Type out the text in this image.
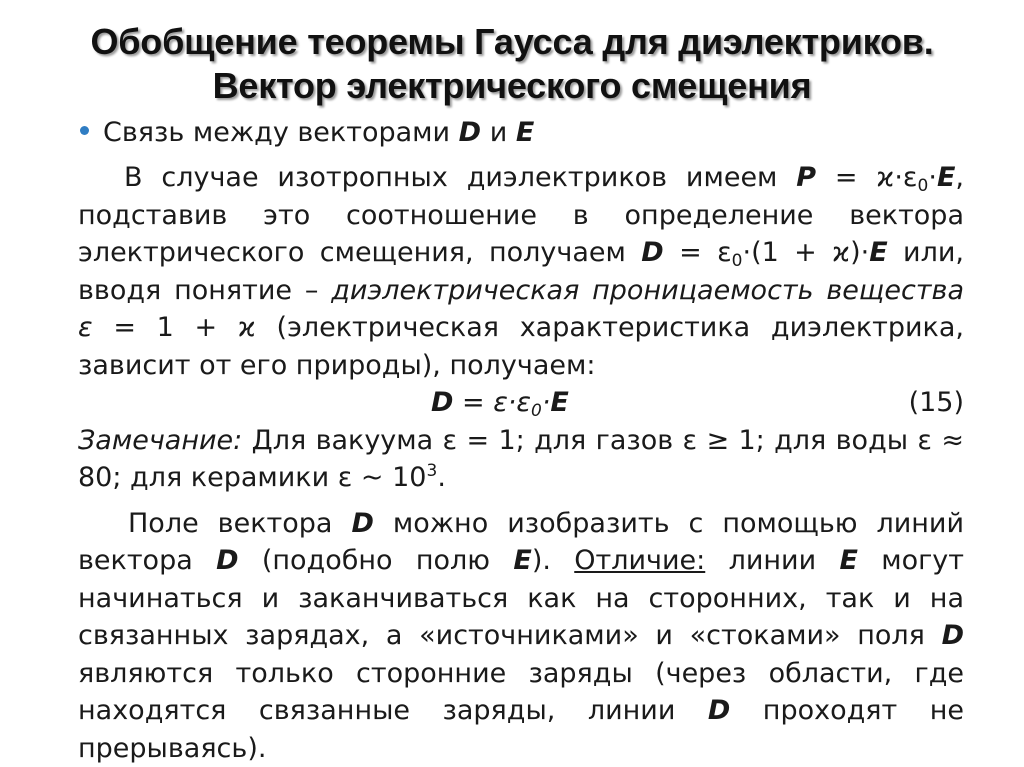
Обобщение теоремы Гаусса для диэлектриков.
Вектор электрического смещения
Связь между векторами D и E

В случае изотропных диэлектриков имеем $P = ϰ\cdot\varepsilon_0\cdot E$, подставив это соотношение в определение вектора электрического смещения, получаем $D = \varepsilon_0\cdot(1 + ϰ)\cdot E$ или, вводя понятие – диэлектрическая проницаемость вещества ε = 1 + ϰ (электрическая характеристика диэлектрика, зависит от его природы), получаем:

$D = \varepsilon\cdot\varepsilon_0\cdot E$	(15)

Замечание: Для вакуума ε = 1; для газов ε ≥ 1; для воды ε ≈ 80; для керамики ε ~ $10^3$.

Поле вектора D можно изобразить с помощью линий вектора D (подобно полю E). Отличие: линии E могут начинаться и заканчиваться как на сторонних, так и на связанных зарядах, а «источниками» и «стоками» поля D являются только сторонние заряды (через области, где находятся связанные заряды, линии D проходят не прерываясь).
